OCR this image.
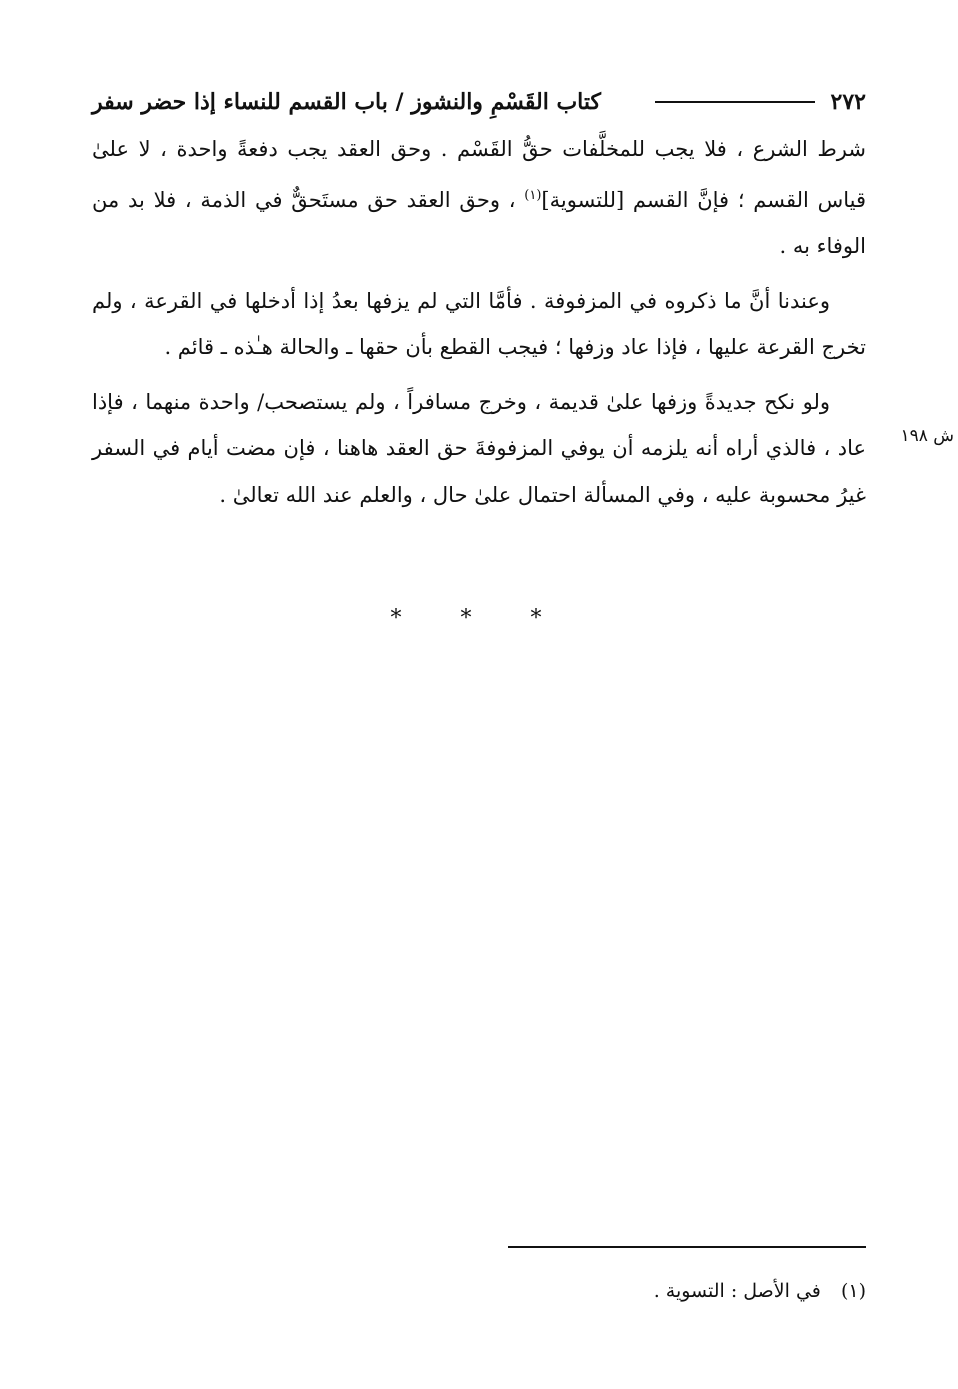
٢٧٢
كتاب القَسْمِ والنشوز / باب القسم للنساء إذا حضر سفر

شرط الشرع ، فلا يجب للمخلَّفات حقُّ القَسْم . وحق العقد يجب دفعةً واحدة ، لا علىٰ قياس القسم ؛ فإنَّ القسم [للتسوية]$^{(١)}$ ، وحق العقد حق مستَحقٌّ في الذمة ، فلا بد من الوفاء به .

وعندنا أنَّ ما ذكروه في المزفوفة . فأمَّا التي لم يزفها بعدُ إذا أدخلها في القرعة ، ولم تخرج القرعة عليها ، فإذا عاد وزفها ؛ فيجب القطع بأن حقها ـ والحالة هـٰذه ـ قائم .

ولو نكح جديدةً وزفها علىٰ قديمة ، وخرج مسافراً ، ولم يستصحب/ واحدة منهما ، فإذا عاد ، فالذي أراه أنه يلزمه أن يوفي المزفوفةَ حق العقد هاهنا ، فإن مضت أيام في السفر غيرُ محسوبة عليه ، وفي المسألة احتمال علىٰ حال ، والعلم عند الله تعالىٰ .

ش ١٩٨
* * *
(١) في الأصل : التسوية .
